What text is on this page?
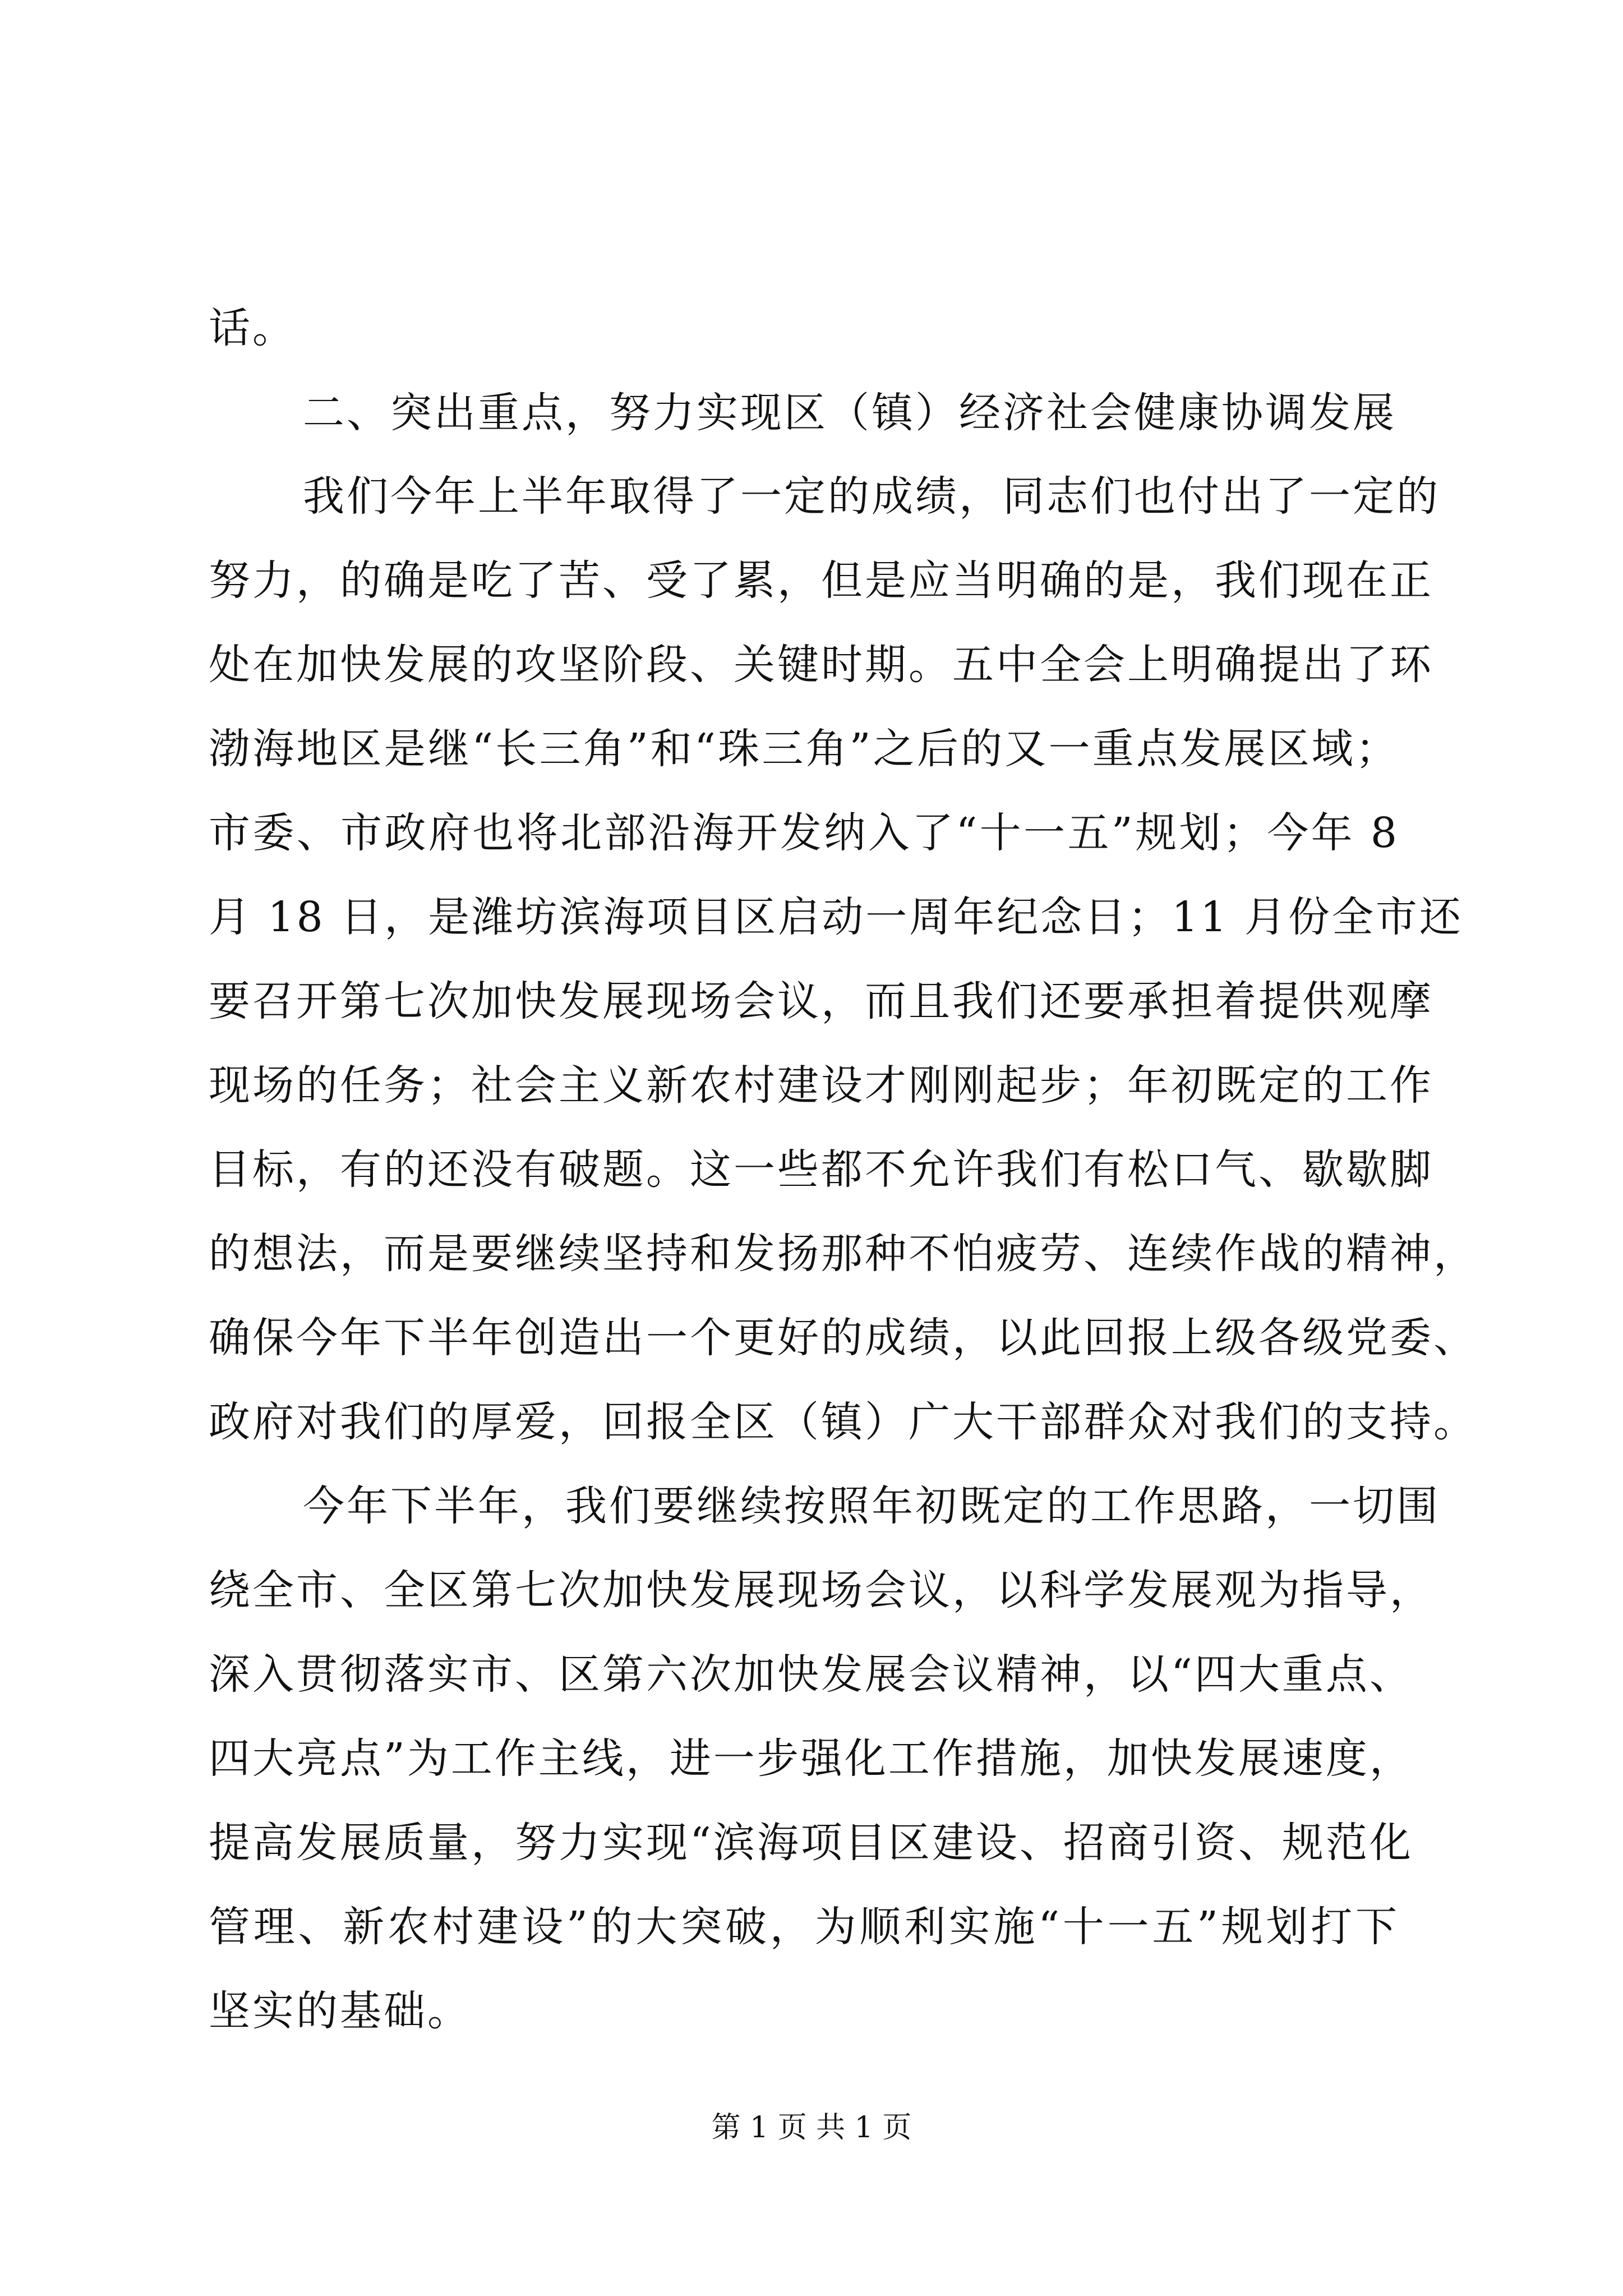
话。
二、突出重点，努力实现区（镇）经济社会健康协调发展
我们今年上半年取得了一定的成绩，同志们也付出了一定的
努力，的确是吃了苦、受了累，但是应当明确的是，我们现在正
处在加快发展的攻坚阶段、关键时期。五中全会上明确提出了环
渤海地区是继“长三角”和“珠三角”之后的又一重点发展区域；
市委、市政府也将北部沿海开发纳入了“十一五”规划；今年 8
月 18 日，是潍坊滨海项目区启动一周年纪念日；11 月份全市还
要召开第七次加快发展现场会议，而且我们还要承担着提供观摩
现场的任务；社会主义新农村建设才刚刚起步；年初既定的工作
目标，有的还没有破题。这一些都不允许我们有松口气、歇歇脚
的想法，而是要继续坚持和发扬那种不怕疲劳、连续作战的精神，
确保今年下半年创造出一个更好的成绩，以此回报上级各级党委、
政府对我们的厚爱，回报全区（镇）广大干部群众对我们的支持。
今年下半年，我们要继续按照年初既定的工作思路，一切围
绕全市、全区第七次加快发展现场会议，以科学发展观为指导，
深入贯彻落实市、区第六次加快发展会议精神，以“四大重点、
四大亮点”为工作主线，进一步强化工作措施，加快发展速度，
提高发展质量，努力实现“滨海项目区建设、招商引资、规范化
管理、新农村建设”的大突破，为顺利实施“十一五”规划打下
坚实的基础。
第 1 页 共 1 页
